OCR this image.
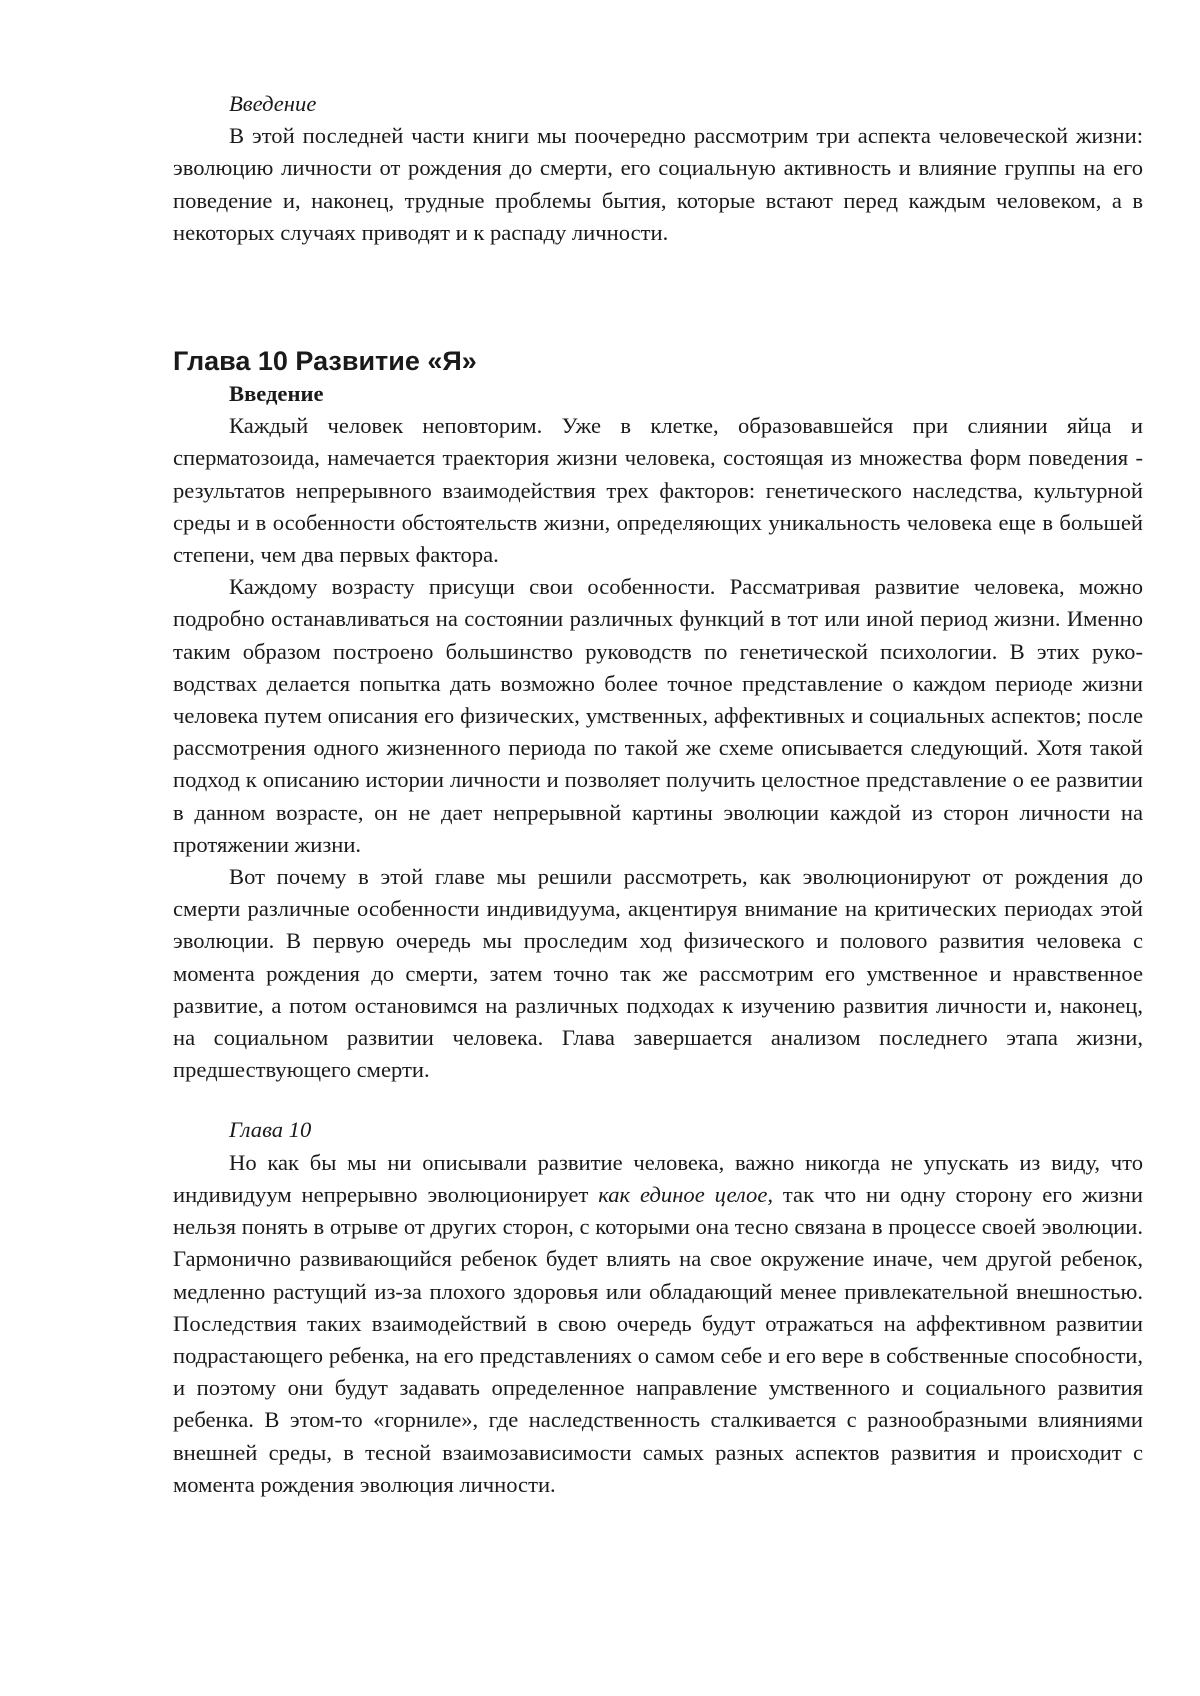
Введение

В этой последней части книги мы поочередно рассмотрим три аспекта человеческой жизни: эволюцию личности от рождения до смерти, его социальную активность и влияние группы на его поведение и, наконец, трудные проблемы бытия, которые встают перед каждым человеком, а в некоторых случаях приводят и к распаду личности.

Глава 10 Развитие «Я»

Введение

Каждый человек неповторим. Уже в клетке, образовавшейся при слиянии яйца и сперматозоида, намечается траектория жизни человека, состоящая из множества форм поведения - результатов непрерывного взаимодействия трех факторов: генетического наследства, культурной среды и в особенности обстоятельств жизни, определяющих уникальность человека еще в большей степени, чем два первых фактора.

Каждому возрасту присущи свои особенности. Рассматривая развитие человека, можно подробно останавливаться на состоянии различных функций в тот или иной период жизни. Именно таким образом построено большинство руководств по генетической психологии. В этих руководствах делается попытка дать возможно более точное представление о каждом периоде жизни человека путем описания его физических, умственных, аффективных и социальных аспектов; после рассмотрения одного жизненного периода по такой же схеме описывается следующий. Хотя такой подход к описанию истории личности и позволяет получить целостное представление о ее развитии в данном возрасте, он не дает непрерывной картины эволюции каждой из сторон личности на протяжении жизни.

Вот почему в этой главе мы решили рассмотреть, как эволюционируют от рождения до смерти различные особенности индивидуума, акцентируя внимание на критических периодах этой эволюции. В первую очередь мы проследим ход физического и полового развития человека с момента рождения до смерти, затем точно так же рассмотрим его умственное и нравственное развитие, а потом остановимся на различных подходах к изучению развития личности и, наконец, на социальном развитии человека. Глава завершается анализом последнего этапа жизни, предшествующего смерти.

Глава 10

Но как бы мы ни описывали развитие человека, важно никогда не упускать из виду, что индивидуум непрерывно эволюционирует как единое целое, так что ни одну сторону его жизни нельзя понять в отрыве от других сторон, с которыми она тесно связана в процессе своей эволюции. Гармонично развивающийся ребенок будет влиять на свое окружение иначе, чем другой ребенок, медленно растущий из-за плохого здоровья или обладающий менее привлекательной внешностью. Последствия таких взаимодействий в свою очередь будут отражаться на аффективном развитии подрастающего ребенка, на его представлениях о самом себе и его вере в собственные способности, и поэтому они будут задавать определенное направление умственного и социального развития ребенка. В этом-то «горниле», где наследственность сталкивается с разнообразными влияниями внешней среды, в тесной взаимозависимости самых разных аспектов развития и происходит с момента рождения эволюция личности.
